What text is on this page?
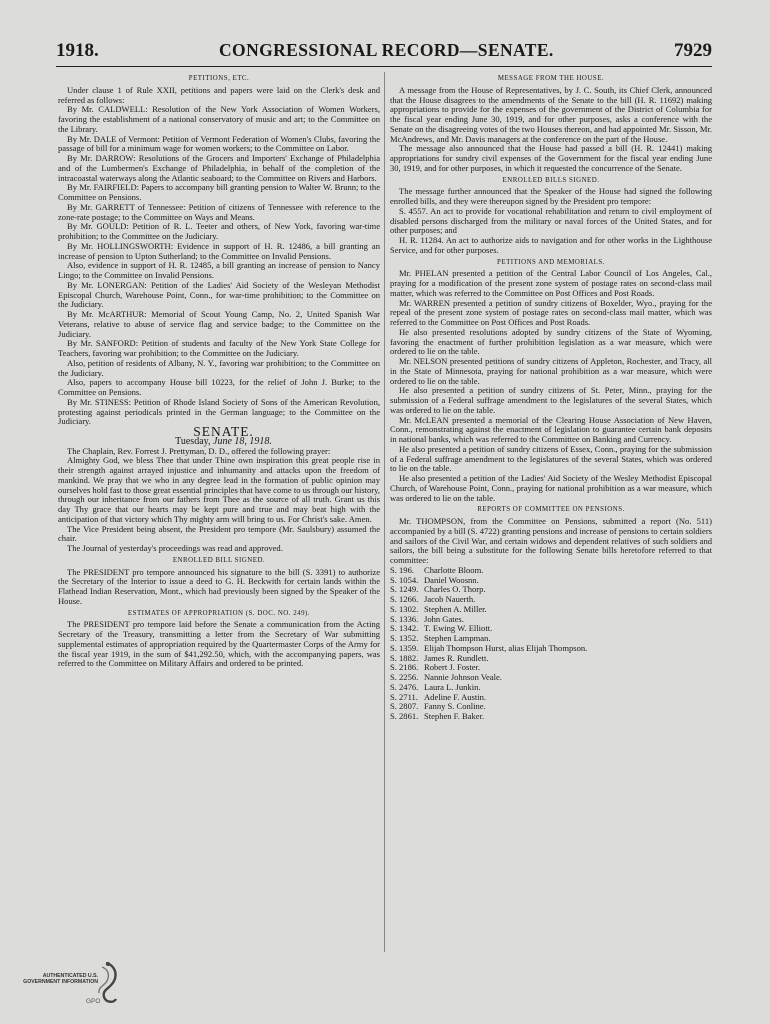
1918.	CONGRESSIONAL RECORD—SENATE.	7929

PETITIONS, ETC.

Under clause 1 of Rule XXII, petitions and papers were laid on the Clerk's desk and referred as follows:

By Mr. CALDWELL: Resolution of the New York Association of Women Workers, favoring the establishment of a national conservatory of music and art; to the Committee on the Library.

By Mr. DALE of Vermont: Petition of Vermont Federation of Women's Clubs, favoring the passage of bill for a minimum wage for women workers; to the Committee on Labor.

By Mr. DARROW: Resolutions of the Grocers and Importers' Exchange of Philadelphia and of the Lumbermen's Exchange of Philadelphia, in behalf of the completion of the intracoastal waterways along the Atlantic seaboard; to the Committee on Rivers and Harbors.

By Mr. FAIRFIELD: Papers to accompany bill granting pension to Walter W. Brunn; to the Committee on Pensions.

By Mr. GARRETT of Tennessee: Petition of citizens of Tennessee with reference to the zone-rate postage; to the Committee on Ways and Means.

By Mr. GOULD: Petition of R. L. Teeter and others, of New York, favoring war-time prohibition; to the Committee on the Judiciary.

By Mr. HOLLINGSWORTH: Evidence in support of H. R. 12486, a bill granting an increase of pension to Upton Sutherland; to the Committee on Invalid Pensions.

Also, evidence in support of H. R. 12485, a bill granting an increase of pension to Nancy Lingo; to the Committee on Invalid Pensions.

By Mr. LONERGAN: Petition of the Ladies' Aid Society of the Wesleyan Methodist Episcopal Church, Warehouse Point, Conn., for war-time prohibition; to the Committee on the Judiciary.

By Mr. McARTHUR: Memorial of Scout Young Camp, No. 2, United Spanish War Veterans, relative to abuse of service flag and service badge; to the Committee on the Judiciary.

By Mr. SANFORD: Petition of students and faculty of the New York State College for Teachers, favoring war prohibition; to the Committee on the Judiciary.

Also, petition of residents of Albany, N. Y., favoring war prohibition; to the Committee on the Judiciary.

Also, papers to accompany House bill 10223, for the relief of John J. Burke; to the Committee on Pensions.

By Mr. STINESS: Petition of Rhode Island Society of Sons of the American Revolution, protesting against periodicals printed in the German language; to the Committee on the Judiciary.

SENATE.

Tuesday, June 18, 1918.

The Chaplain, Rev. Forrest J. Prettyman, D. D., offered the following prayer:

Almighty God, we bless Thee that under Thine own inspiration this great people rise in their strength against arrayed injustice and inhumanity and attacks upon the freedom of mankind. We pray that we who in any degree lead in the formation of public opinion may ourselves hold fast to those great essential principles that have come to us through our history, through our inheritance from our fathers from Thee as the source of all truth. Grant us this day Thy grace that our hearts may be kept pure and true and may beat high with the anticipation of that victory which Thy mighty arm will bring to us. For Christ's sake. Amen.

The Vice President being absent, the President pro tempore (Mr. Saulsbury) assumed the chair.

The Journal of yesterday's proceedings was read and approved.

ENROLLED BILL SIGNED.

The PRESIDENT pro tempore announced his signature to the bill (S. 3391) to authorize the Secretary of the Interior to issue a deed to G. H. Beckwith for certain lands within the Flathead Indian Reservation, Mont., which had previously been signed by the Speaker of the House.

ESTIMATES OF APPROPRIATION (S. DOC. NO. 249).

The PRESIDENT pro tempore laid before the Senate a communication from the Acting Secretary of the Treasury, transmitting a letter from the Secretary of War submitting supplemental estimates of appropriation required by the Quartermaster Corps of the Army for the fiscal year 1919, in the sum of $41,292.50, which, with the accompanying papers, was referred to the Committee on Military Affairs and ordered to be printed.

MESSAGE FROM THE HOUSE.

A message from the House of Representatives, by J. C. South, its Chief Clerk, announced that the House disagrees to the amendments of the Senate to the bill (H. R. 11692) making appropriations to provide for the expenses of the government of the District of Columbia for the fiscal year ending June 30, 1919, and for other purposes, asks a conference with the Senate on the disagreeing votes of the two Houses thereon, and had appointed Mr. Sisson, Mr. McAndrews, and Mr. Davis managers at the conference on the part of the House.

The message also announced that the House had passed a bill (H. R. 12441) making appropriations for sundry civil expenses of the Government for the fiscal year ending June 30, 1919, and for other purposes, in which it requested the concurrence of the Senate.

ENROLLED BILLS SIGNED.

The message further announced that the Speaker of the House had signed the following enrolled bills, and they were thereupon signed by the President pro tempore:

S. 4557. An act to provide for vocational rehabilitation and return to civil employment of disabled persons discharged from the military or naval forces of the United States, and for other purposes; and

H. R. 11284. An act to authorize aids to navigation and for other works in the Lighthouse Service, and for other purposes.

PETITIONS AND MEMORIALS.

Mr. PHELAN presented a petition of the Central Labor Council of Los Angeles, Cal., praying for a modification of the present zone system of postage rates on second-class mail matter, which was referred to the Committee on Post Offices and Post Roads.

Mr. WARREN presented a petition of sundry citizens of Boxelder, Wyo., praying for the repeal of the present zone system of postage rates on second-class mail matter, which was referred to the Committee on Post Offices and Post Roads.

He also presented resolutions adopted by sundry citizens of the State of Wyoming, favoring the enactment of further prohibition legislation as a war measure, which were ordered to lie on the table.

Mr. NELSON presented petitions of sundry citizens of Appleton, Rochester, and Tracy, all in the State of Minnesota, praying for national prohibition as a war measure, which were ordered to lie on the table.

He also presented a petition of sundry citizens of St. Peter, Minn., praying for the submission of a Federal suffrage amendment to the legislatures of the several States, which was ordered to lie on the table.

Mr. McLEAN presented a memorial of the Clearing House Association of New Haven, Conn., remonstrating against the enactment of legislation to guarantee certain bank deposits in national banks, which was referred to the Committee on Banking and Currency.

He also presented a petition of sundry citizens of Essex, Conn., praying for the submission of a Federal suffrage amendment to the legislatures of the several States, which was ordered to lie on the table.

He also presented a petition of the Ladies' Aid Society of the Wesley Methodist Episcopal Church, of Warehouse Point, Conn., praying for national prohibition as a war measure, which was ordered to lie on the table.

REPORTS OF COMMITTEE ON PENSIONS.

Mr. THOMPSON, from the Committee on Pensions, submitted a report (No. 511) accompanied by a bill (S. 4722) granting pensions and increase of pensions to certain soldiers and sailors of the Civil War, and certain widows and dependent relatives of such soldiers and sailors, the bill being a substitute for the following Senate bills heretofore referred to that committee:

S. 196.	Charlotte Bloom.
S. 1054. Daniel Woosnn.
S. 1249. Charles O. Thorp.
S. 1266. Jacob Nauerth.
S. 1302. Stephen A. Miller.
S. 1336. John Gates.
S. 1342. T. Ewing W. Elliott.
S. 1352. Stephen Lampman.
S. 1359. Elijah Thompson Hurst, alias Elijah Thompson.
S. 1882. James R. Rundlett.
S. 2186. Robert J. Foster.
S. 2256. Nannie Johnson Veale.
S. 2476. Laura L. Junkin.
S. 2711. Adeline F. Austin.
S. 2807. Fanny S. Conline.
S. 2861. Stephen F. Baker.
AUTHENTICATED U.S. GOVERNMENT INFORMATION
GPO
